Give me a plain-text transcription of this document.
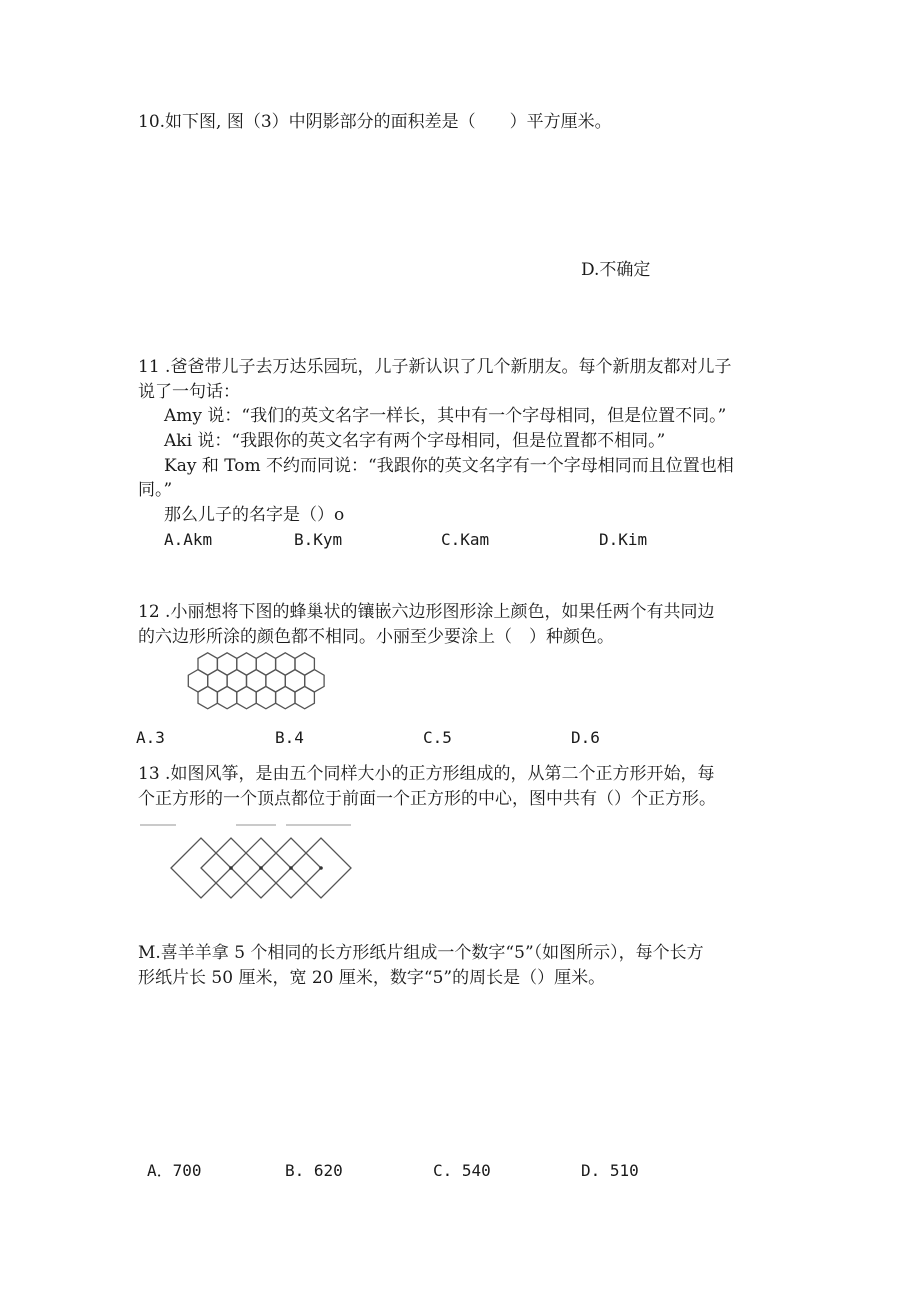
10.如下图, 图（3）中阴影部分的面积差是（　　）平方厘米。
D.不确定
11 .爸爸带儿子去万达乐园玩，儿子新认识了几个新朋友。每个新朋友都对儿子
说了一句话：
Amy 说：“我们的英文名字一样长，其中有一个字母相同，但是位置不同。”
Aki 说：“我跟你的英文名字有两个字母相同，但是位置都不相同。”
Kay 和 Tom 不约而同说：“我跟你的英文名字有一个字母相同而且位置也相
同。”
那么儿子的名字是（）o
A.Akm	B.Kym	C.Kam	D.Kim
12 .小丽想将下图的蜂巢状的镶嵌六边形图形涂上颜色，如果任两个有共同边
的六边形所涂的颜色都不相同。小丽至少要涂上（　）种颜色。
A.3	B.4	C.5	D.6
13 .如图风筝，是由五个同样大小的正方形组成的，从第二个正方形开始，每
个正方形的一个顶点都位于前面一个正方形的中心，图中共有（）个正方形。
M.喜羊羊拿 5 个相同的长方形纸片组成一个数字“5”（如图所示），每个长方
形纸片长 50 厘米，宽 20 厘米，数字“5”的周长是（）厘米。
A．700	B. 620	C. 540	D. 510
